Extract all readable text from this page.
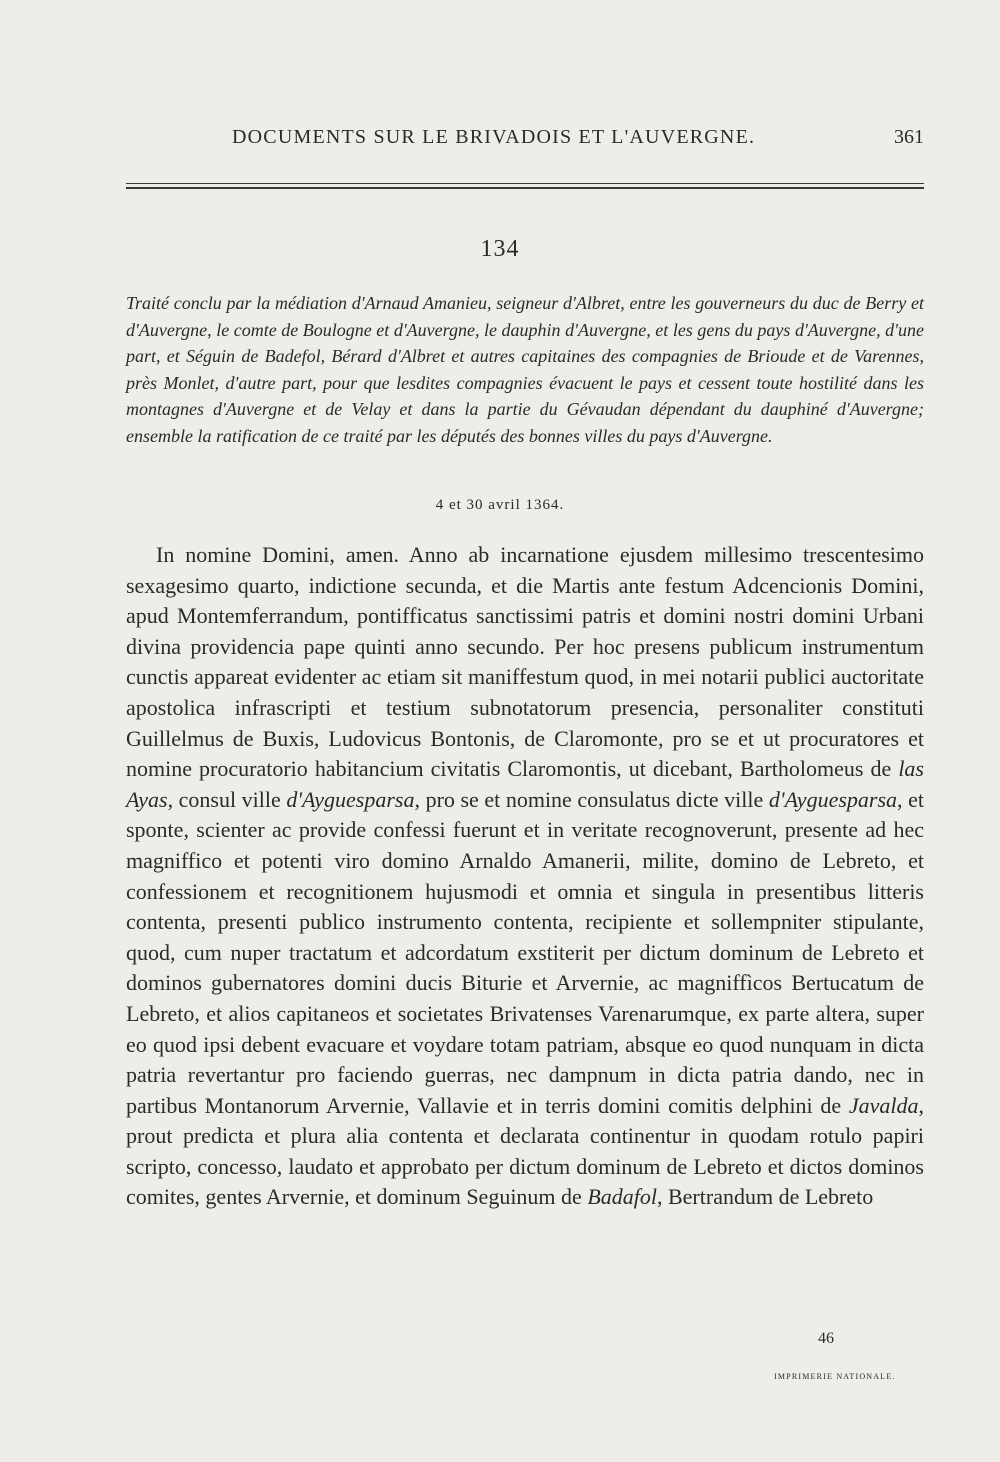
DOCUMENTS SUR LE BRIVADOIS ET L'AUVERGNE.	361
134
Traité conclu par la médiation d'Arnaud Amanieu, seigneur d'Albret, entre les gouverneurs du duc de Berry et d'Auvergne, le comte de Boulogne et d'Auvergne, le dauphin d'Auvergne, et les gens du pays d'Auvergne, d'une part, et Séguin de Badefol, Bérard d'Albret et autres capitaines des compagnies de Brioude et de Varennes, près Monlet, d'autre part, pour que lesdites compagnies évacuent le pays et cessent toute hostilité dans les montagnes d'Auvergne et de Velay et dans la partie du Gévaudan dépendant du dauphiné d'Auvergne; ensemble la ratification de ce traité par les députés des bonnes villes du pays d'Auvergne.
4 et 30 avril 1364.
In nomine Domini, amen. Anno ab incarnatione ejusdem millesimo trescentesimo sexagesimo quarto, indictione secunda, et die Martis ante festum Adcencionis Domini, apud Montemferrandum, pontifficatus sanctissimi patris et domini nostri domini Urbani divina providencia pape quinti anno secundo. Per hoc presens publicum instrumentum cunctis appareat evidenter ac etiam sit maniffestum quod, in mei notarii publici auctoritate apostolica infrascripti et testium subnotatorum presencia, personaliter constituti Guillelmus de Buxis, Ludovicus Bontonis, de Claromonte, pro se et ut procuratores et nomine procuratorio habitancium civitatis Claromontis, ut dicebant, Bartholomeus de las Ayas, consul ville d'Ayguesparsa, pro se et nomine consulatus dicte ville d'Ayguesparsa, et sponte, scienter ac provide confessi fuerunt et in veritate recognoverunt, presente ad hec magniffico et potenti viro domino Arnaldo Amanerii, milite, domino de Lebreto, et confessionem et recognitionem hujusmodi et omnia et singula in presentibus litteris contenta, presenti publico instrumento contenta, recipiente et sollempniter stipulante, quod, cum nuper tractatum et adcordatum exstiterit per dictum dominum de Lebreto et dominos gubernatores domini ducis Biturie et Arvernie, ac magniffìcos Bertucatum de Lebreto, et alios capitaneos et societates Brivatenses Varenarumque, ex parte altera, super eo quod ipsi debent evacuare et voydare totam patriam, absque eo quod nunquam in dicta patria revertantur pro faciendo guerras, nec dampnum in dicta patria dando, nec in partibus Montanorum Arvernie, Vallavie et in terris domini comitis delphini de Javalda, prout predicta et plura alia contenta et declarata continentur in quodam rotulo papiri scripto, concesso, laudato et approbato per dictum dominum de Lebreto et dictos dominos comites, gentes Arvernie, et dominum Seguinum de Badafol, Bertrandum de Lebreto
46
IMPRIMERIE NATIONALE.
